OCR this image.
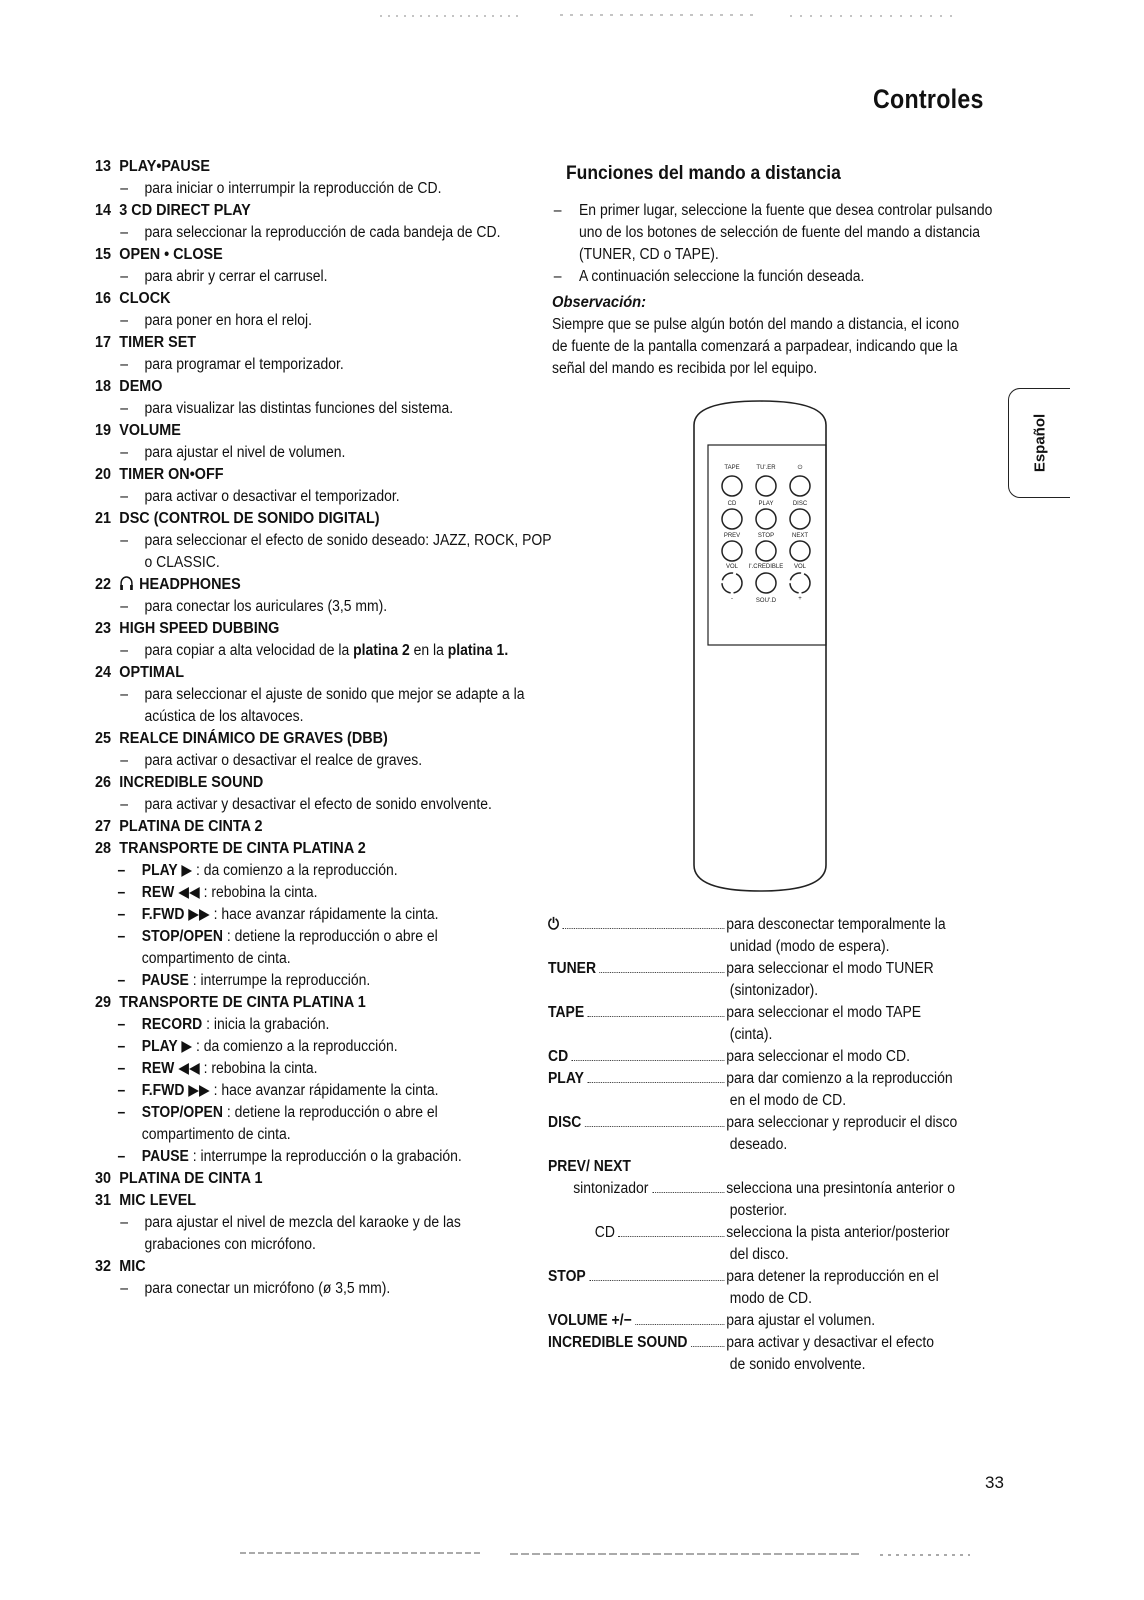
Controles
Español
13 PLAY•PAUSE
– para iniciar o interrumpir la reproducción de CD.
14 3 CD DIRECT PLAY
– para seleccionar la reproducción de cada bandeja de CD.
15 OPEN • CLOSE
– para abrir y cerrar el carrusel.
16 CLOCK
– para poner en hora el reloj.
17 TIMER SET
– para programar el temporizador.
18 DEMO
– para visualizar las distintas funciones del sistema.
19 VOLUME
– para ajustar el nivel de volumen.
20 TIMER ON•OFF
– para activar o desactivar el temporizador.
21 DSC (CONTROL DE SONIDO DIGITAL)
– para seleccionar el efecto de sonido deseado: JAZZ, ROCK, POP o CLASSIC.
22 HEADPHONES
– para conectar los auriculares (3,5 mm).
23 HIGH SPEED DUBBING
– para copiar a alta velocidad de la platina 2 en la platina 1.
24 OPTIMAL
– para seleccionar el ajuste de sonido que mejor se adapte a la acústica de los altavoces.
25 REALCE DINÁMICO DE GRAVES (DBB)
– para activar o desactivar el realce de graves.
26 INCREDIBLE SOUND
– para activar y desactivar el efecto de sonido envolvente.
27 PLATINA DE CINTA 2
28 TRANSPORTE DE CINTA PLATINA 2
– PLAY ▶ : da comienzo a la reproducción.
– REW ◀◀ : rebobina la cinta.
– F.FWD ▶▶ : hace avanzar rápidamente la cinta.
– STOP/OPEN : detiene la reproducción o abre el compartimento de cinta.
– PAUSE : interrumpe la reproducción.
29 TRANSPORTE DE CINTA PLATINA 1
– RECORD : inicia la grabación.
– PLAY ▶ : da comienzo a la reproducción.
– REW ◀◀ : rebobina la cinta.
– F.FWD ▶▶ : hace avanzar rápidamente la cinta.
– STOP/OPEN : detiene la reproducción o abre el compartimento de cinta.
– PAUSE : interrumpe la reproducción o la grabación.
30 PLATINA DE CINTA 1
31 MIC LEVEL
– para ajustar el nivel de mezcla del karaoke y de las grabaciones con micrófono.
32 MIC
– para conectar un micrófono (ø 3,5 mm).
Funciones del mando a distancia
– En primer lugar, seleccione la fuente que desea controlar pulsando uno de los botones de selección de fuente del mando a distancia (TUNER, CD o TAPE).
– A continuación seleccione la función deseada.
Observación:
Siempre que se pulse algún botón del mando a distancia, el icono de fuente de la pantalla comenzará a parpadear, indicando que la señal del mando es recibida por lel equipo.
TAPE	TU'.ER	⏻
CD	PLAY	DISC
PREV	STOP	NEXT
VOL I'.CREDIBLE VOL
-	SOU'.D	+
⏻	para desconectar temporalmente la
unidad (modo de espera).
TUNER	para seleccionar el modo TUNER
(sintonizador).
TAPE	para seleccionar el modo TAPE
(cinta).
CD	para seleccionar el modo CD.
PLAY	para dar comienzo a la reproducción
en el modo de CD.
DISC	para seleccionar y reproducir el disco
deseado.
PREV/ NEXT
sintonizador	selecciona una presintonía anterior o
posterior.
CD	selecciona la pista anterior/posterior
del disco.
STOP	para detener la reproducción en el
modo de CD.
VOLUME +/−	para ajustar el volumen.
INCREDIBLE SOUND para activar y desactivar el efecto
de sonido envolvente.
33
